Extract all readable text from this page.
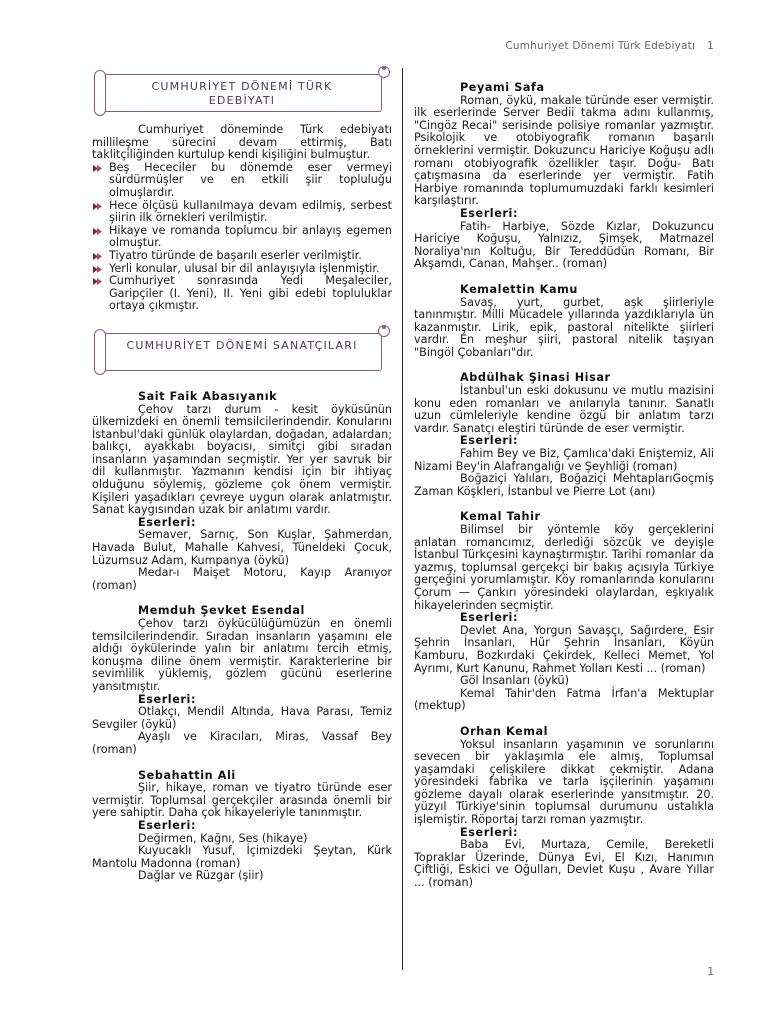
Cumhuriyet Dönemi Türk Edebiyatı 1
CUMHURİYET DÖNEMİ TÜRK EDEBİYATI

Cumhuriyet döneminde Türk edebiyatı millileşme sürecini devam ettirmiş, Batı taklitçiliğinden kurtulup kendi kişiliğini bulmuştur.

Beş Hececiler bu dönemde eser vermeyi sürdürmüşler ve en etkili şiir topluluğu olmuşlardır.
Hece ölçüsü kullanılmaya devam edilmiş, serbest şiirin ilk örnekleri verilmiştir.
Hikaye ve romanda toplumcu bir anlayış egemen olmuştur.
Tiyatro türünde de başarılı eserler verilmiştir.
Yerli konular, ulusal bir dil anlayışıyla işlenmiştir.
Cumhuriyet sonrasında Yedi Meşaleciler, Garipçiler (I. Yeni), II. Yeni gibi edebi topluluklar ortaya çıkmıştır.
CUMHURİYET DÖNEMİ SANATÇILARI

Sait Faik Abasıyanık

Çehov tarzı durum - kesit öyküsünün ülkemizdeki en önemli temsilcilerindendir. Konularını İstanbul'daki günlük olaylardan, doğadan, adalardan; balıkçı, ayakkabı boyacısı, simitçi gibi sıradan insanların yaşamından seçmiştir. Yer yer savruk bir dil kullanmıştır. Yazmanın kendisi için bir ihtiyaç olduğunu söylemiş, gözleme çok önem vermiştir. Kişileri yaşadıkları çevreye uygun olarak anlatmıştır. Sanat kaygısından uzak bir anlatımı vardır.

Eserleri:

Semaver, Sarnıç, Son Kuşlar, Şahmerdan, Havada Bulut, Mahalle Kahvesi, Tüneldeki Çocuk, Lüzumsuz Adam, Kumpanya (öykü)

Medar-ı Maişet Motoru, Kayıp Aranıyor (roman)

Memduh Şevket Esendal

Çehov tarzı öykücülüğümüzün en önemli temsilcilerindendir. Sıradan insanların yaşamını ele aldığı öykülerinde yalın bir anlatımı tercih etmiş, konuşma diline önem vermiştir. Karakterlerine bir sevimlilik yüklemiş, gözlem gücünü eserlerine yansıtmıştır.

Eserleri:

Otlakçı, Mendil Altında, Hava Parası, Temiz Sevgiler (öykü)

Ayaşlı ve Kiracıları, Miras, Vassaf Bey (roman)

Sebahattin Ali

Şiir, hikaye, roman ve tiyatro türünde eser vermiştir. Toplumsal gerçekçiler arasında önemli bir yere sahiptir. Daha çok hikayeleriyle tanınmıştır.

Eserleri:

Değirmen, Kağnı, Ses (hikaye)

Kuyucaklı Yusuf, İçimizdeki Şeytan, Kürk Mantolu Madonna (roman)

Dağlar ve Rüzgar (şiir)

Peyami Safa

Roman, öykü, makale türünde eser vermiştir. ilk eserlerinde Server Bedii takma adını kullanmış, "Cingöz Recai" serisinde polisiye romanlar yazmıştır. Psikolojik ve otobiyografik romanın başarılı örneklerini vermiştir. Dokuzuncu Hariciye Koğuşu adlı romanı otobiyografik özellikler taşır. Doğu- Batı çatışmasına da eserlerinde yer vermiştir. Fatih Harbiye romanında toplumumuzdaki farklı kesimleri karşılaştırır.

Eserleri:

Fatih- Harbiye, Sözde Kızlar, Dokuzuncu Hariciye Koğuşu, Yalnızız, Şimşek, Matmazel Noraliya'nın Koltuğu, Bir Tereddüdün Romanı, Bir Akşamdı, Canan, Mahşer.. (roman)

Kemalettin Kamu

Savaş, yurt, gurbet, aşk şiirleriyle tanınmıştır. Milli Mücadele yıllarında yazdıklarıyla ün kazanmıştır. Lirik, epik, pastoral nitelikte şiirleri vardır. En meşhur şiiri, pastoral nitelik taşıyan "Bingöl Çobanları"dır.

Abdülhak Şinasi Hisar

İstanbul'un eski dokusunu ve mutlu mazisini konu eden romanları ve anılarıyla tanınır. Sanatlı uzun cümleleriyle kendine özgü bir anlatım tarzı vardır. Sanatçı eleştiri türünde de eser vermiştir.

Eserleri:

Fahim Bey ve Biz, Çamlıca'daki Eniştemiz, Ali Nizami Bey'in Alafrangalığı ve Şeyhliği (roman)

Boğaziçi Yalıları, Boğaziçi MehtaplarıGoçmiş Zaman Köşkleri, İstanbul ve Pierre Lot (anı)

Kemal Tahir

Bilimsel bir yöntemle köy gerçeklerini anlatan romancımız, derlediği sözcük ve deyişle İstanbul Türkçesini kaynaştırmıştır. Tarihi romanlar da yazmış, toplumsal gerçekçi bir bakış açısıyla Türkiye gerçeğini yorumlamıştır. Köy romanlarında konularını Çorum — Çankırı yöresindeki olaylardan, eşkıyalık hikayelerinden seçmiştir.

Eserleri:

Devlet Ana, Yorgun Savaşçı, Sağırdere, Esir Şehrin İnsanları, Hür Şehrin İnsanları, Köyün Kamburu, Bozkırdaki Çekirdek, Kelleci Memet, Yol Ayrımı, Kurt Kanunu, Rahmet Yolları Kesti ... (roman)

Göl İnsanları (öykü)

Kemal Tahir'den Fatma İrfan'a Mektuplar (mektup)

Orhan Kemal

Yoksul insanların yaşamının ve sorunlarını sevecen bir yaklaşımla ele almış, Toplumsal yaşamdaki çelişkilere dikkat çekmiştir. Adana yöresindeki fabrika ve tarla işçilerinin yaşamını gözleme dayalı olarak eserlerinde yansıtmıştır. 20. yüzyıl Türkiye'sinin toplumsal durumunu ustalıkla işlemiştir. Röportaj tarzı roman yazmıştır.

Eserleri:

Baba Evi, Murtaza, Cemile, Bereketli Topraklar Üzerinde, Dünya Evi, El Kızı, Hanımın Çiftliği, Eskici ve Oğulları, Devlet Kuşu , Avare Yıllar ... (roman)

1
